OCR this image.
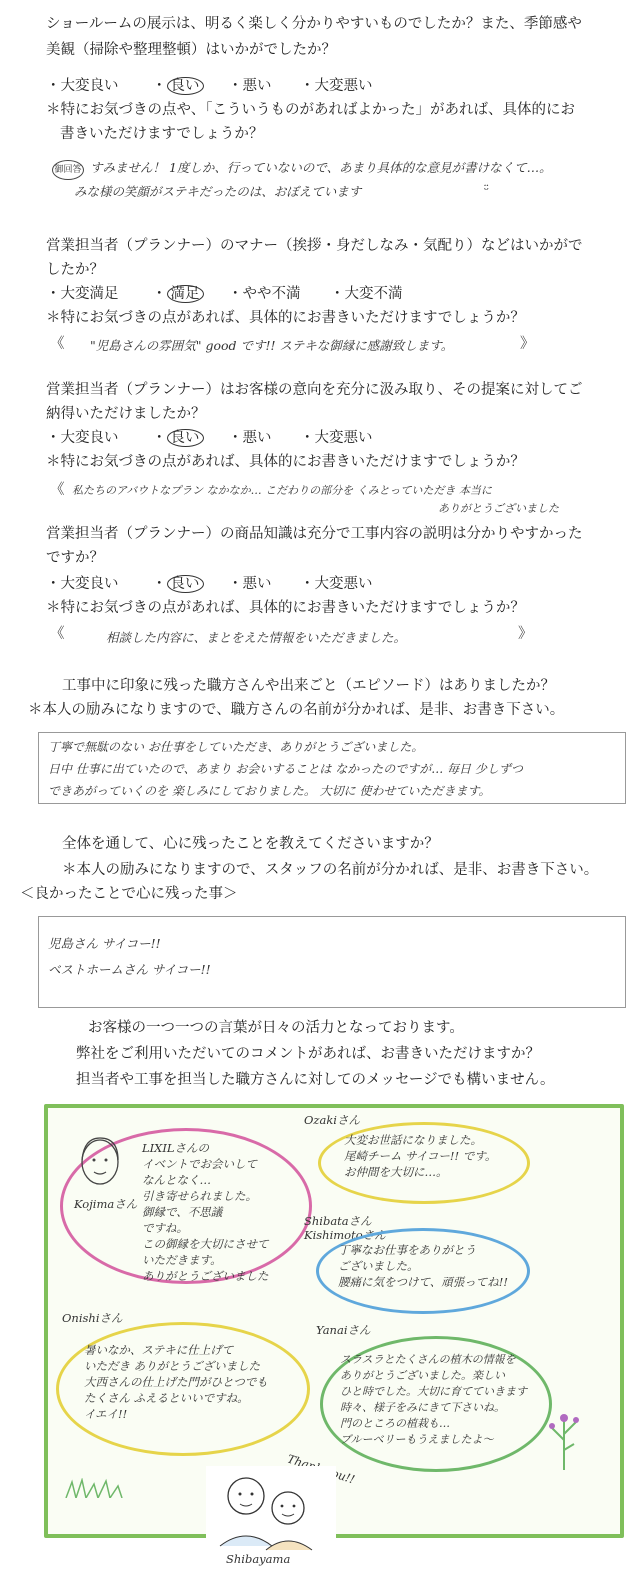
ショールームの展示は、明るく楽しく分かりやすいものでしたか？また、季節感や
美観（掃除や整理整頓）はいかがでしたか？
・大変良い ・ 良い ・悪い ・大変悪い
＊特にお気づきの点や、「こういうものがあればよかった」があれば、具体的にお
書きいただけますでしょうか？
御回答 すみません！ 1度しか、行っていないので、あまり具体的な意見が書けなくて…。
みな様の笑顔がステキだったのは、おぼえています	ᵕ̈
営業担当者（プランナー）のマナー（挨拶・身だしなみ・気配り）などはいかがで
したか？
・大変満足 ・ 満足 ・やや不満 ・大変不満
＊特にお気づきの点があれば、具体的にお書きいただけますでしょうか？
《 "児島さんの雰囲気" good です!! ステキな御縁に感謝致します。	》
営業担当者（プランナー）はお客様の意向を充分に汲み取り、その提案に対してご
納得いただけましたか？
・大変良い ・ 良い ・悪い ・大変悪い
＊特にお気づきの点があれば、具体的にお書きいただけますでしょうか？
《 私たちのアバウトなプラン なかなか… こだわりの部分を くみとっていただき 本当に
ありがとうございました
営業担当者（プランナー）の商品知識は充分で工事内容の説明は分かりやすかった
ですか？
・大変良い ・ 良い ・悪い ・大変悪い
＊特にお気づきの点があれば、具体的にお書きいただけますでしょうか？
《	相談した内容に、まとをえた情報をいただきました。	》
工事中に印象に残った職方さんや出来ごと（エピソード）はありましたか？
＊本人の励みになりますので、職方さんの名前が分かれば、是非、お書き下さい。
丁寧で無駄のない お仕事をしていただき、ありがとうございました。
日中 仕事に出ていたので、あまり お会いすることは なかったのですが… 毎日 少しずつ
できあがっていくのを 楽しみにしておりました。 大切に 使わせていただきます。
全体を通して、心に残ったことを教えてくださいますか？
＊本人の励みになりますので、スタッフの名前が分かれば、是非、お書き下さい。
＜良かったことで心に残った事＞
児島さん サイコー!!
ベストホームさん サイコー!!
お客様の一つ一つの言葉が日々の活力となっております。
弊社をご利用いただいてのコメントがあれば、お書きいただけますか？
担当者や工事を担当した職方さんに対してのメッセージでも構いません。
Kojimaさん
LIXILさんの
イベントでお会いして
なんとなく…
引き寄せられました。
御縁で、不思議
ですね。
この御縁を大切にさせて
いただきます。
ありがとうございました
Ozakiさん
大変お世話になりました。
尾崎チーム サイコー!! です。
お仲間を大切に…。
Shibataさん
Kishimotoさん
丁寧なお仕事をありがとう
ございました。
腰痛に気をつけて、頑張ってね!!
Onishiさん
暑いなか、ステキに仕上げて
いただき ありがとうございました
大西さんの仕上げた門がひとつでも
たくさん ふえるといいですね。
イエイ!!
Yanaiさん
スラスラとたくさんの植木の情報を
ありがとうございました。楽しい
ひと時でした。大切に育てていきます
時々、様子をみにきて下さいね。
門のところの植栽も…
ブルーベリーもうえましたよ〜
Thank You!!
Shibayama
